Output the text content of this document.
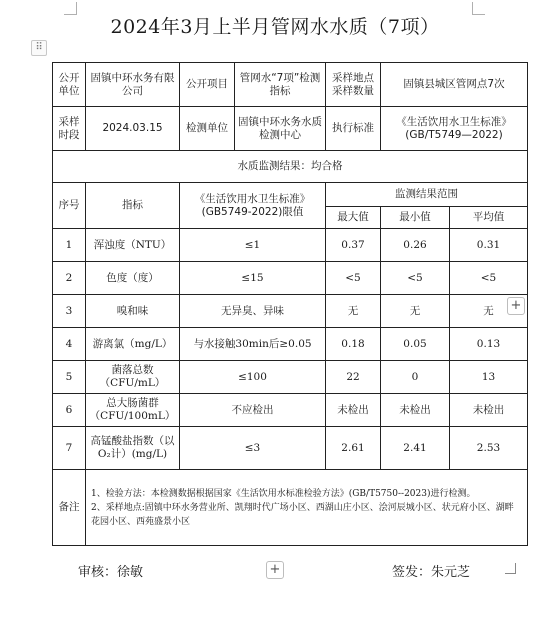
2024年3月上半月管网水水质（7项）
⠿
公开单位	固镇中环水务有限公司	公开项目	管网水“7项”检测指标	采样地点采样数量	固镇县城区管网点7次	
采样时段	2024.03.15	检测单位	固镇中环水务水质检测中心	执行标准	《生活饮用水卫生标准》(GB/T5749—2022)	
水质监测结果：均合格						
序号	指标	《生活饮用水卫生标准》(GB5749-2022)限值		监测结果范围		
				最大值	最小值	平均值
1	浑浊度（NTU）	≤1		0.37	0.26	0.31
2	色度（度）	≤15		<5	<5	<5
3	嗅和味	无异臭、异味		无	无	无
4	游离氯（mg/L）	与水接触30min后≥0.05		0.18	0.05	0.13
5	菌落总数（CFU/mL）	≤100		22	0	13
6	总大肠菌群（CFU/100mL）	不应检出		未检出	未检出	未检出
7	高锰酸盐指数（以O₂计）(mg/L)	≤3		2.61	2.41	2.53
备注	1、检验方法：本检测数据根据国家《生活饮用水标准检验方法》(GB/T5750--2023)进行检测。
2、采样地点:固镇中环水务营业所、凯翔时代广场小区、西湖山庄小区、浍河辰城小区、状元府小区、湖畔花园小区、西苑盛景小区					
+
+
审核：徐敏	签发：朱元芝
